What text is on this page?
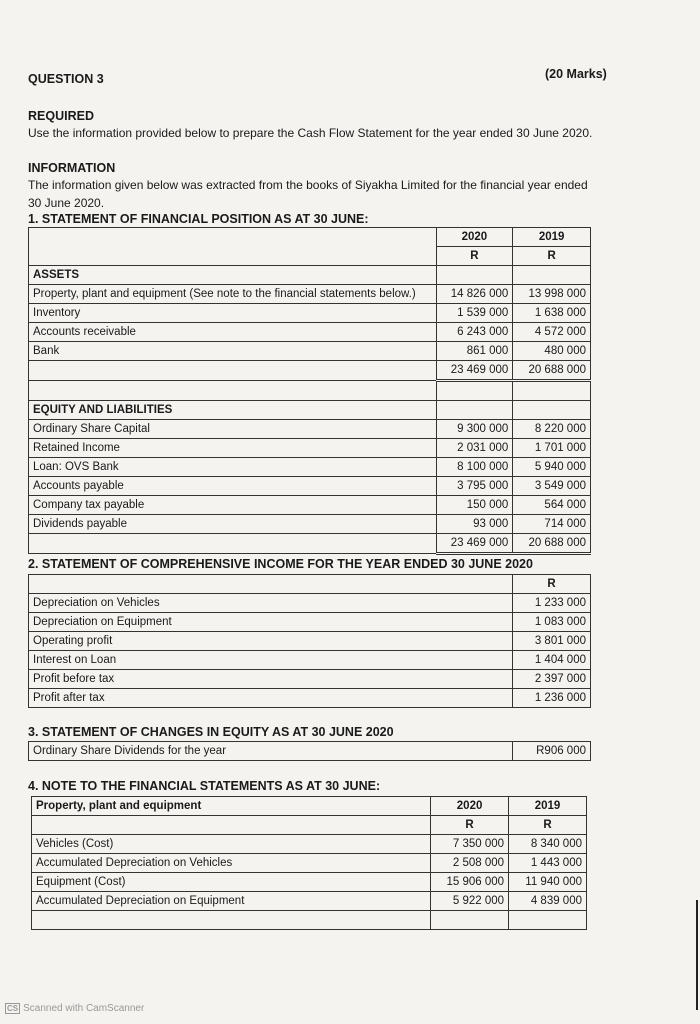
QUESTION 3	(20 Marks)
REQUIRED
Use the information provided below to prepare the Cash Flow Statement for the year ended 30 June 2020.
INFORMATION
The information given below was extracted from the books of Siyakha Limited for the financial year ended
30 June 2020.
1. STATEMENT OF FINANCIAL POSITION AS AT 30 JUNE:
	2020	2019
	R	R
ASSETS		
Property, plant and equipment (See note to the financial statements below.)	14 826 000	13 998 000
Inventory	1 539 000	1 638 000
Accounts receivable	6 243 000	4 572 000
Bank	861 000	480 000
	23 469 000	20 688 000

EQUITY AND LIABILITIES		
Ordinary Share Capital	9 300 000	8 220 000
Retained Income	2 031 000	1 701 000
Loan: OVS Bank	8 100 000	5 940 000
Accounts payable	3 795 000	3 549 000
Company tax payable	150 000	564 000
Dividends payable	93 000	714 000
	23 469 000	20 688 000
2. STATEMENT OF COMPREHENSIVE INCOME FOR THE YEAR ENDED 30 JUNE 2020
	R
Depreciation on Vehicles	1 233 000
Depreciation on Equipment	1 083 000
Operating profit	3 801 000
Interest on Loan	1 404 000
Profit before tax	2 397 000
Profit after tax	1 236 000
3. STATEMENT OF CHANGES IN EQUITY AS AT 30 JUNE 2020
Ordinary Share Dividends for the year	R906 000
4. NOTE TO THE FINANCIAL STATEMENTS AS AT 30 JUNE:
Property, plant and equipment	2020	2019
	R	R
Vehicles (Cost)	7 350 000	8 340 000
Accumulated Depreciation on Vehicles	2 508 000	1 443 000
Equipment (Cost)	15 906 000	11 940 000
Accumulated Depreciation on Equipment	5 922 000	4 839 000

CS Scanned with CamScanner
